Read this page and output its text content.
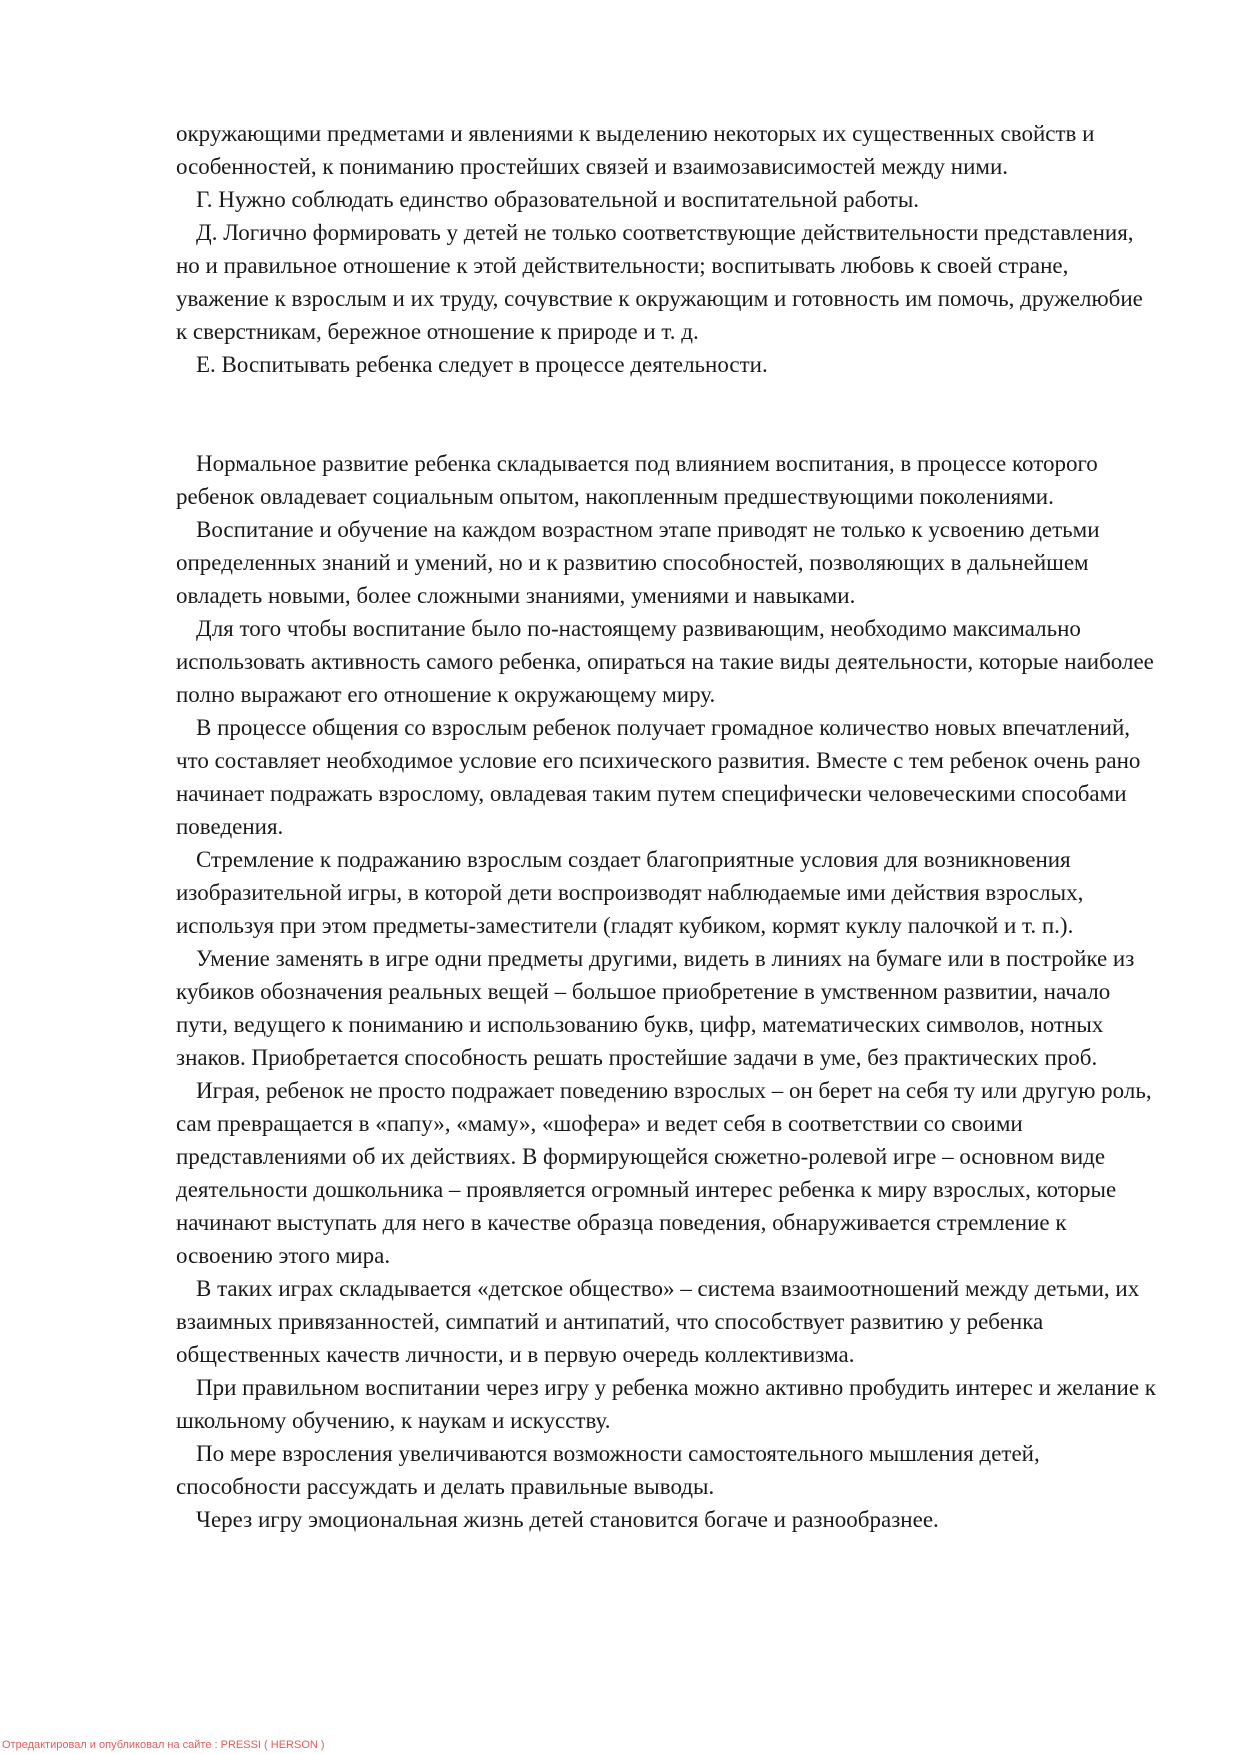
окружающими предметами и явлениями к выделению некоторых их существенных свойств и особенностей, к пониманию простейших связей и взаимозависимостей между ними.

Г. Нужно соблюдать единство образовательной и воспитательной работы.

Д. Логично формировать у детей не только соответствующие действительности представления, но и правильное отношение к этой действительности; воспитывать любовь к своей стране, уважение к взрослым и их труду, сочувствие к окружающим и готовность им помочь, дружелюбие к сверстникам, бережное отношение к природе и т. д.

Е. Воспитывать ребенка следует в процессе деятельности.

Нормальное развитие ребенка складывается под влиянием воспитания, в процессе которого ребенок овладевает социальным опытом, накопленным предшествующими поколениями.

Воспитание и обучение на каждом возрастном этапе приводят не только к усвоению детьми определенных знаний и умений, но и к развитию способностей, позволяющих в дальнейшем овладеть новыми, более сложными знаниями, умениями и навыками.

Для того чтобы воспитание было по-настоящему развивающим, необходимо максимально использовать активность самого ребенка, опираться на такие виды деятельности, которые наиболее полно выражают его отношение к окружающему миру.

В процессе общения со взрослым ребенок получает громадное количество новых впечатлений, что составляет необходимое условие его психического развития. Вместе с тем ребенок очень рано начинает подражать взрослому, овладевая таким путем специфически человеческими способами поведения.

Стремление к подражанию взрослым создает благоприятные условия для возникновения изобразительной игры, в которой дети воспроизводят наблюдаемые ими действия взрослых, используя при этом предметы-заместители (гладят кубиком, кормят куклу палочкой и т. п.).

Умение заменять в игре одни предметы другими, видеть в линиях на бумаге или в постройке из кубиков обозначения реальных вещей – большое приобретение в умственном развитии, начало пути, ведущего к пониманию и использованию букв, цифр, математических символов, нотных знаков. Приобретается способность решать простейшие задачи в уме, без практических проб.

Играя, ребенок не просто подражает поведению взрослых – он берет на себя ту или другую роль, сам превращается в «папу», «маму», «шофера» и ведет себя в соответствии со своими представлениями об их действиях. В формирующейся сюжетно-ролевой игре – основном виде деятельности дошкольника – проявляется огромный интерес ребенка к миру взрослых, которые начинают выступать для него в качестве образца поведения, обнаруживается стремление к освоению этого мира.

В таких играх складывается «детское общество» – система взаимоотношений между детьми, их взаимных привязанностей, симпатий и антипатий, что способствует развитию у ребенка общественных качеств личности, и в первую очередь коллективизма.

При правильном воспитании через игру у ребенка можно активно пробудить интерес и желание к школьному обучению, к наукам и искусству.

По мере взросления увеличиваются возможности самостоятельного мышления детей, способности рассуждать и делать правильные выводы.

Через игру эмоциональная жизнь детей становится богаче и разнообразнее.

Отредактировал и опубликовал на сайте : PRESSI ( HERSON )
